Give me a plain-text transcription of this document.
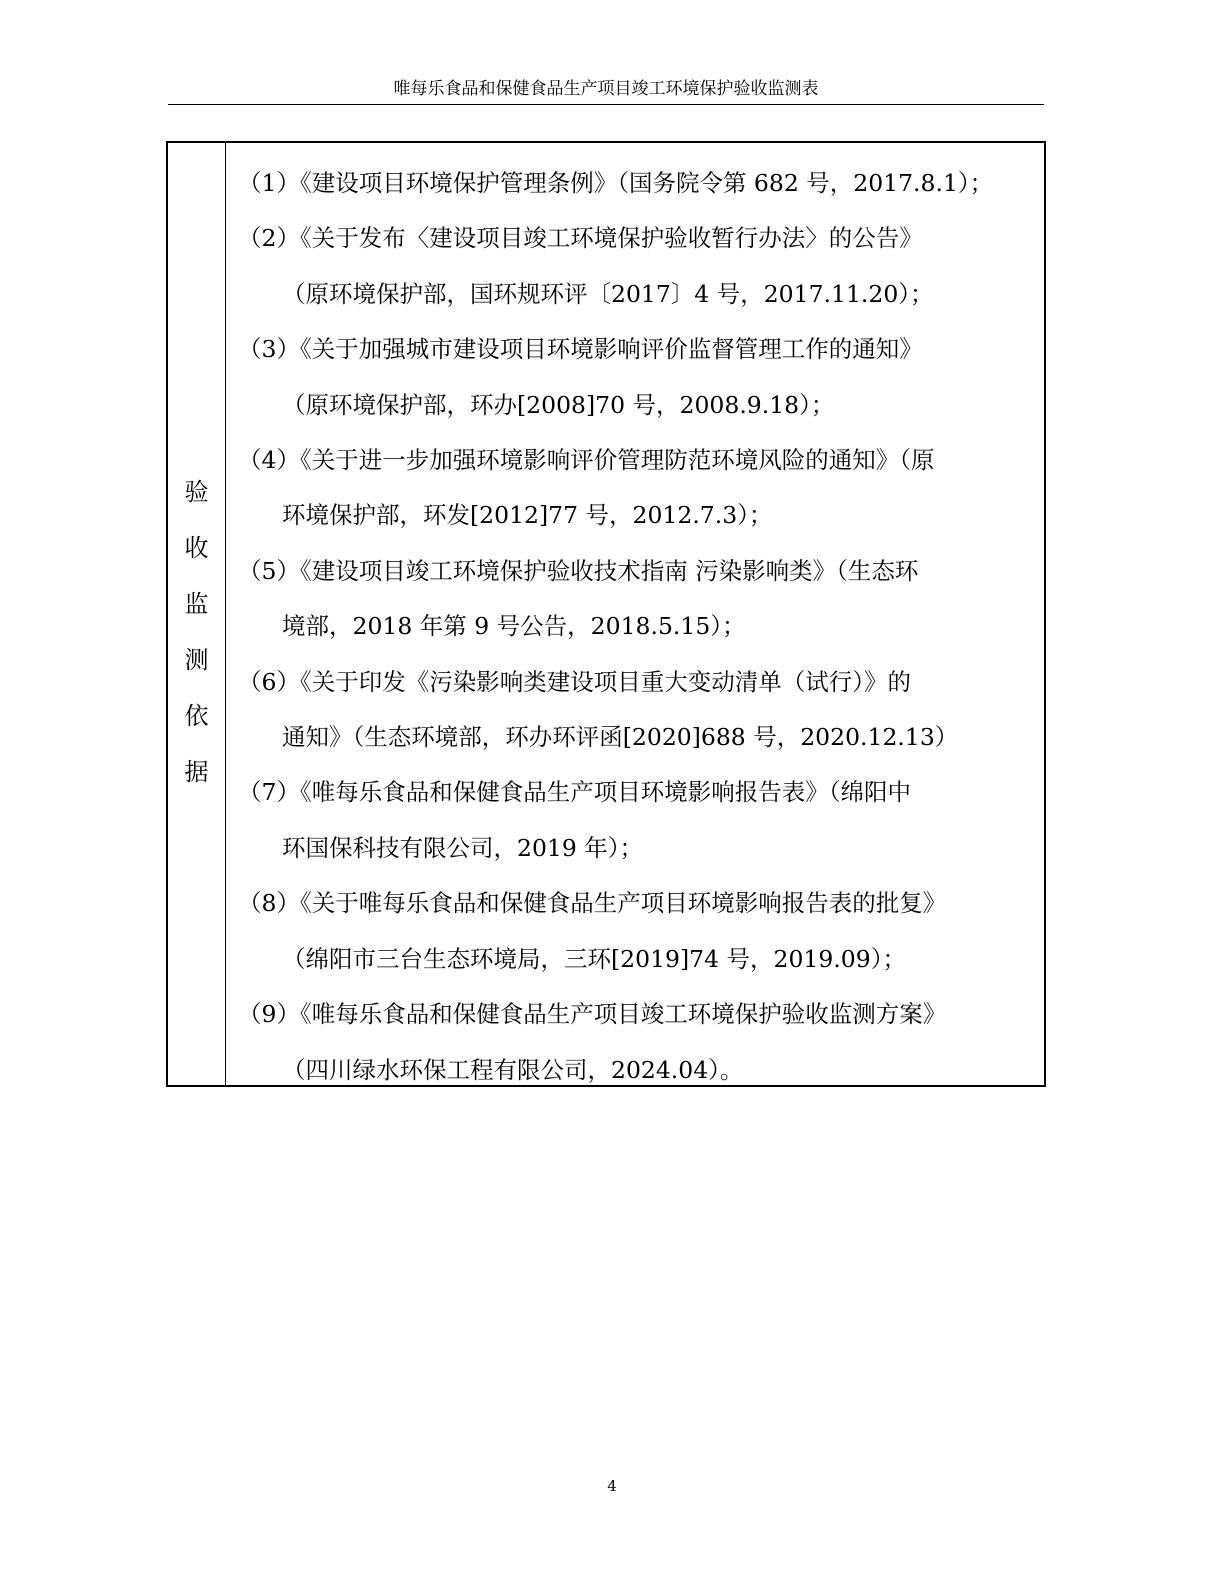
唯每乐食品和保健食品生产项目竣工环境保护验收监测表
验
收
监
测
依
据
（1）《建设项目环境保护管理条例》（国务院令第 682 号，2017.8.1）；
（2）《关于发布〈建设项目竣工环境保护验收暂行办法〉的公告》
（原环境保护部，国环规环评〔2017〕4 号，2017.11.20）；
（3）《关于加强城市建设项目环境影响评价监督管理工作的通知》
（原环境保护部，环办[2008]70 号，2008.9.18）；
（4）《关于进一步加强环境影响评价管理防范环境风险的通知》（原
环境保护部，环发[2012]77 号，2012.7.3）；
（5）《建设项目竣工环境保护验收技术指南 污染影响类》（生态环
境部，2018 年第 9 号公告，2018.5.15）；
（6）《关于印发《污染影响类建设项目重大变动清单（试行）》的
通知》（生态环境部，环办环评函[2020]688 号，2020.12.13）
（7）《唯每乐食品和保健食品生产项目环境影响报告表》（绵阳中
环国保科技有限公司，2019 年）；
（8）《关于唯每乐食品和保健食品生产项目环境影响报告表的批复》
（绵阳市三台生态环境局，三环[2019]74 号，2019.09）；
（9）《唯每乐食品和保健食品生产项目竣工环境保护验收监测方案》
（四川绿水环保工程有限公司，2024.04）。
4
